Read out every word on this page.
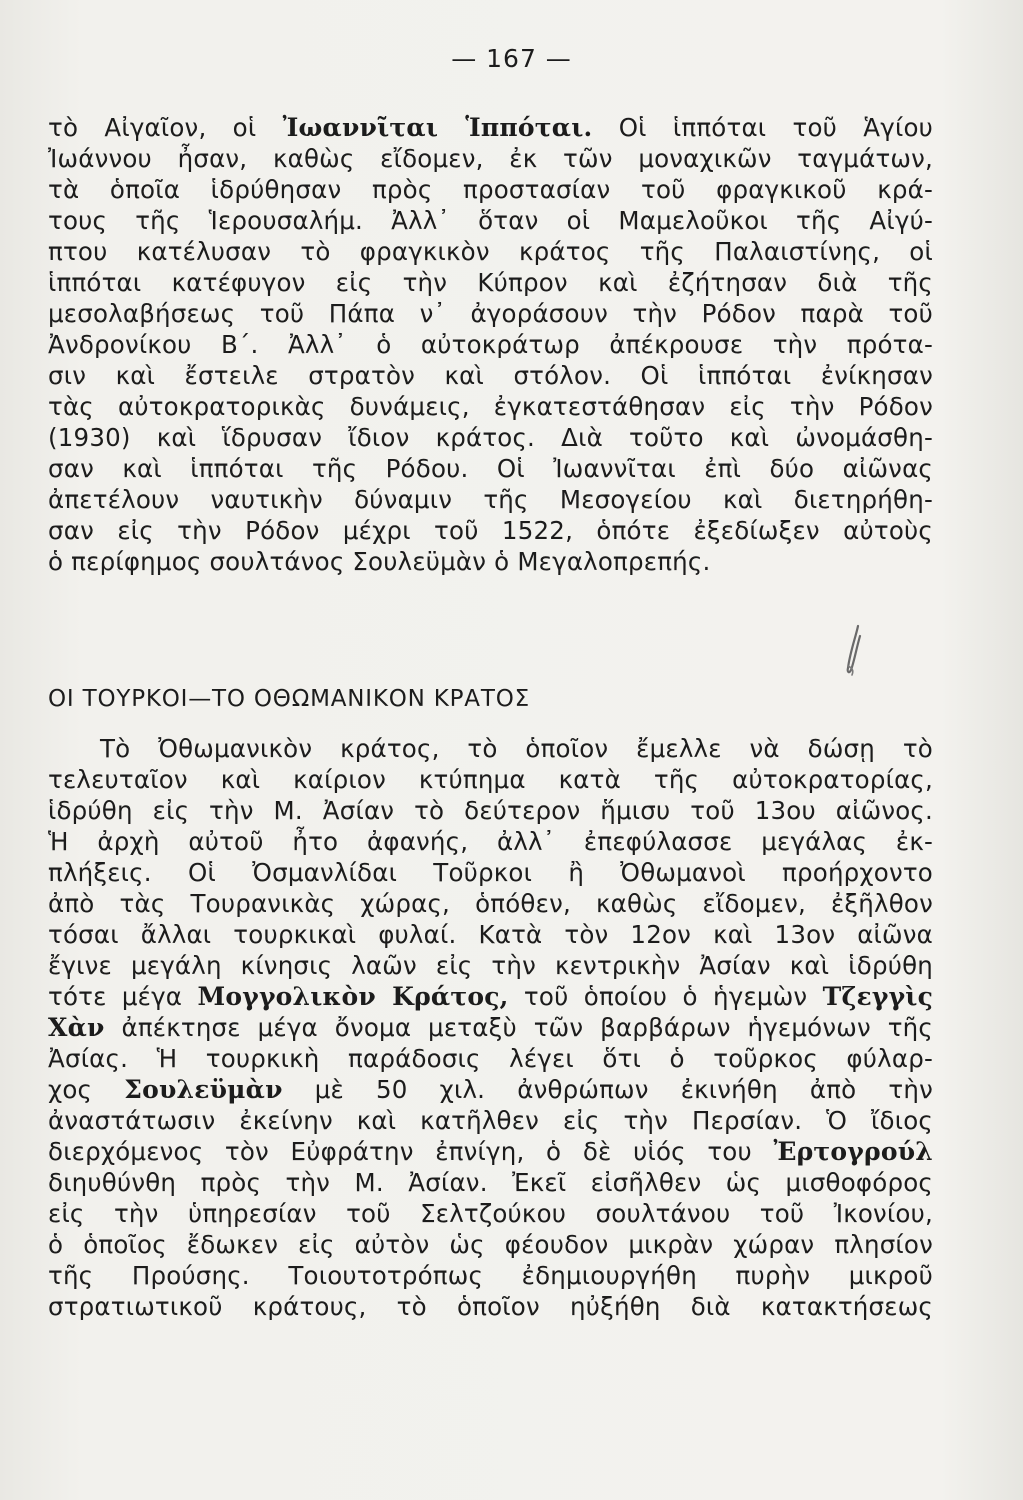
— 167 —
τὸ Αἰγαῖον, οἱ Ἰωαννῖται Ἱππόται. Οἱ ἱππόται τοῦ Ἁγίου
Ἰωάννου ἦσαν, καθὼς εἴδομεν, ἐκ τῶν μοναχικῶν ταγμάτων,
τὰ ὁποῖα ἱδρύθησαν πρὸς προστασίαν τοῦ φραγκικοῦ κρά-
τους τῆς Ἱερουσαλήμ. Ἀλλ᾽ ὅταν οἱ Μαμελοῦκοι τῆς Αἰγύ-
πτου κατέλυσαν τὸ φραγκικὸν κράτος τῆς Παλαιστίνης, οἱ
ἱππόται κατέφυγον εἰς τὴν Κύπρον καὶ ἐζήτησαν διὰ τῆς
μεσολαβήσεως τοῦ Πάπα ν᾽ ἀγοράσουν τὴν Ρόδον παρὰ τοῦ
Ἀνδρονίκου Β΄. Ἀλλ᾽ ὁ αὐτοκράτωρ ἀπέκρουσε τὴν πρότα-
σιν καὶ ἔστειλε στρατὸν καὶ στόλον. Οἱ ἱππόται ἐνίκησαν
τὰς αὐτοκρατορικὰς δυνάμεις, ἐγκατεστάθησαν εἰς τὴν Ρόδον
(1930) καὶ ἵδρυσαν ἴδιον κράτος. Διὰ τοῦτο καὶ ὠνομάσθη-
σαν καὶ ἱππόται τῆς Ρόδου. Οἱ Ἰωαννῖται ἐπὶ δύο αἰῶνας
ἀπετέλουν ναυτικὴν δύναμιν τῆς Μεσογείου καὶ διετηρήθη-
σαν εἰς τὴν Ρόδον μέχρι τοῦ 1522, ὁπότε ἐξεδίωξεν αὐτοὺς
ὁ περίφημος σουλτάνος Σουλεϋμὰν ὁ Μεγαλοπρεπής.
ΟΙ ΤΟΥΡΚΟΙ—ΤΟ ΟΘΩΜΑΝΙΚΟΝ ΚΡΑΤΟΣ
Τὸ Ὀθωμανικὸν κράτος, τὸ ὁποῖον ἔμελλε νὰ δώσῃ τὸ
τελευταῖον καὶ καίριον κτύπημα κατὰ τῆς αὐτοκρατορίας,
ἱδρύθη εἰς τὴν Μ. Ἀσίαν τὸ δεύτερον ἥμισυ τοῦ 13ου αἰῶνος.
Ἡ ἀρχὴ αὐτοῦ ἦτο ἀφανής, ἀλλ᾽ ἐπεφύλασσε μεγάλας ἐκ-
πλήξεις. Οἱ Ὀσμανλίδαι Τοῦρκοι ἢ Ὀθωμανοὶ προήρχοντο
ἀπὸ τὰς Τουρανικὰς χώρας, ὁπόθεν, καθὼς εἴδομεν, ἐξῆλθον
τόσαι ἄλλαι τουρκικαὶ φυλαί. Κατὰ τὸν 12ον καὶ 13ον αἰῶνα
ἔγινε μεγάλη κίνησις λαῶν εἰς τὴν κεντρικὴν Ἀσίαν καὶ ἱδρύθη
τότε μέγα Μογγολικὸν Κράτος, τοῦ ὁποίου ὁ ἡγεμὼν Τζεγγὶς
Χὰν ἀπέκτησε μέγα ὄνομα μεταξὺ τῶν βαρβάρων ἡγεμόνων τῆς
Ἀσίας. Ἡ τουρκικὴ παράδοσις λέγει ὅτι ὁ τοῦρκος φύλαρ-
χος Σουλεϋμὰν μὲ 50 χιλ. ἀνθρώπων ἐκινήθη ἀπὸ τὴν
ἀναστάτωσιν ἐκείνην καὶ κατῆλθεν εἰς τὴν Περσίαν. Ὁ ἴδιος
διερχόμενος τὸν Εὐφράτην ἐπνίγη, ὁ δὲ υἱός του Ἐρτογρούλ
διηυθύνθη πρὸς τὴν Μ. Ἀσίαν. Ἐκεῖ εἰσῆλθεν ὡς μισθοφόρος
εἰς τὴν ὑπηρεσίαν τοῦ Σελτζούκου σουλτάνου τοῦ Ἰκονίου,
ὁ ὁποῖος ἔδωκεν εἰς αὐτὸν ὡς φέουδον μικρὰν χώραν πλησίον
τῆς Προύσης. Τοιουτοτρόπως ἐδημιουργήθη πυρὴν μικροῦ
στρατιωτικοῦ κράτους, τὸ ὁποῖον ηὐξήθη διὰ κατακτήσεως
